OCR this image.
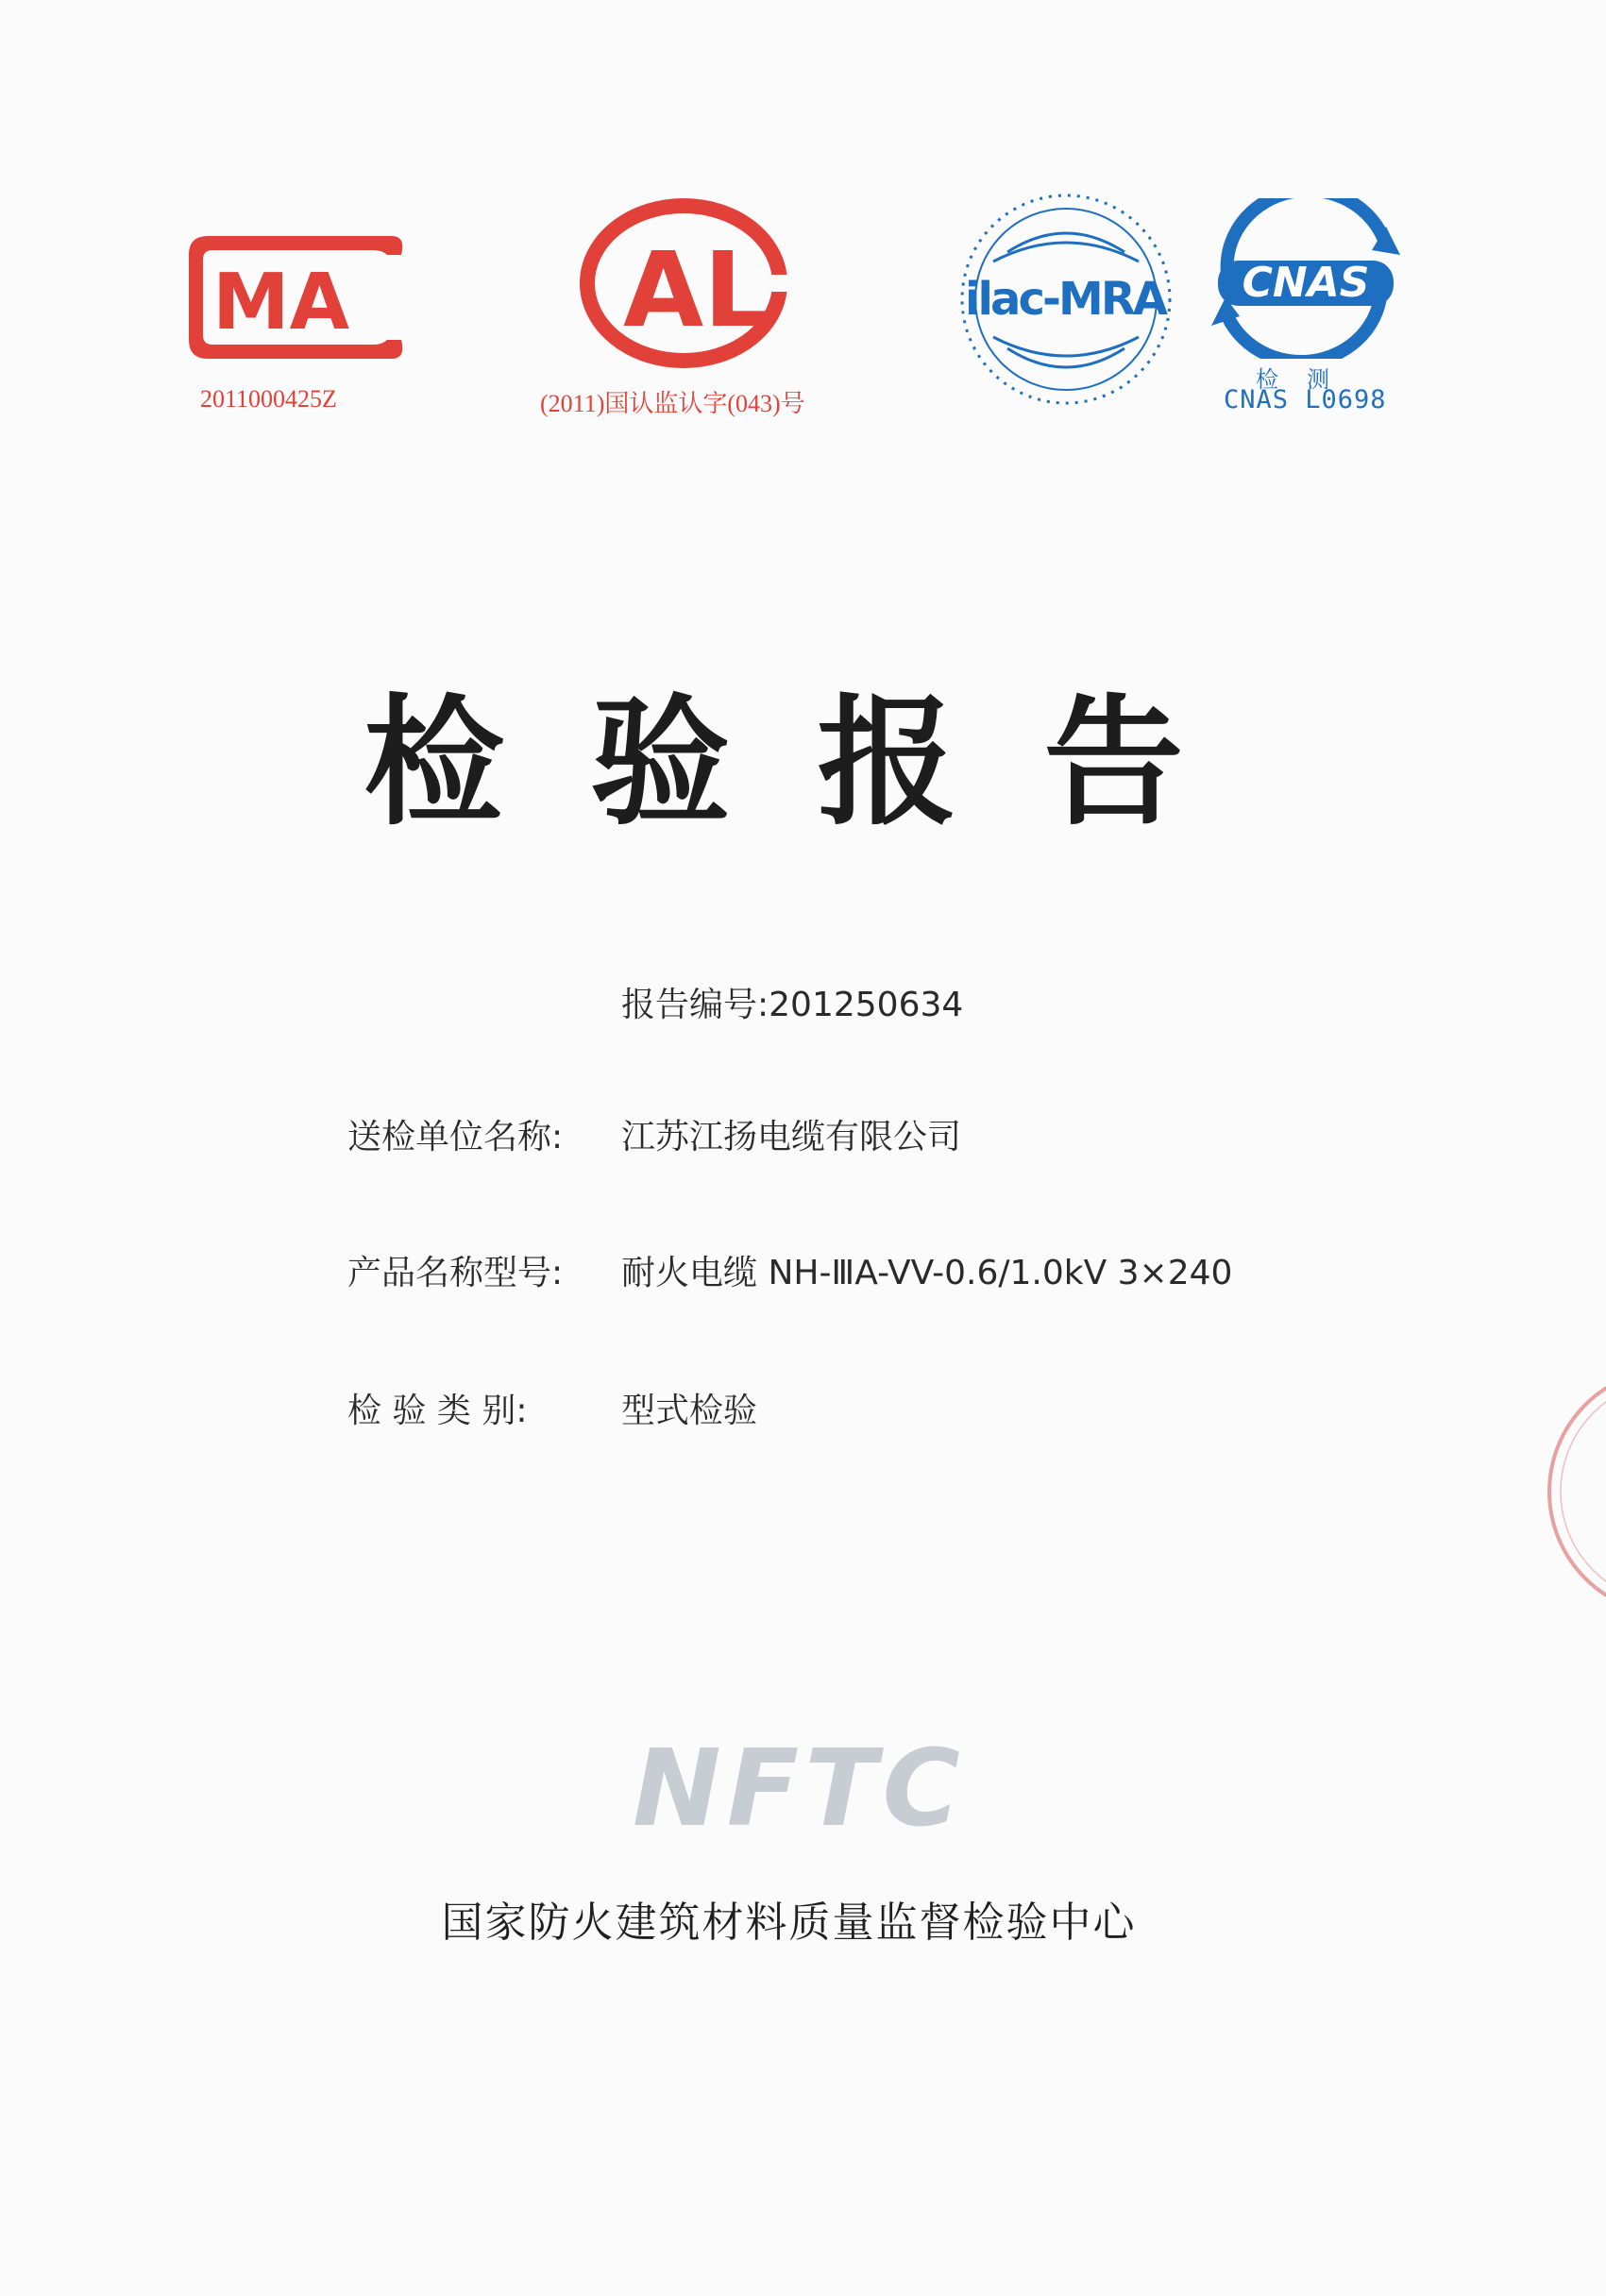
MA
2011000425Z
AL
(2011)国认监认字(043)号
ilac-MRA CNAS
检测
CNAS L0698
检验报告
报告编号:201250634
送检单位名称: 江苏江扬电缆有限公司
产品名称型号: 耐火电缆 NH-ⅢA-VV-0.6/1.0kV 3×240
检 验 类 别:	型式检验
NFTC
国家防火建筑材料质量监督检验中心
